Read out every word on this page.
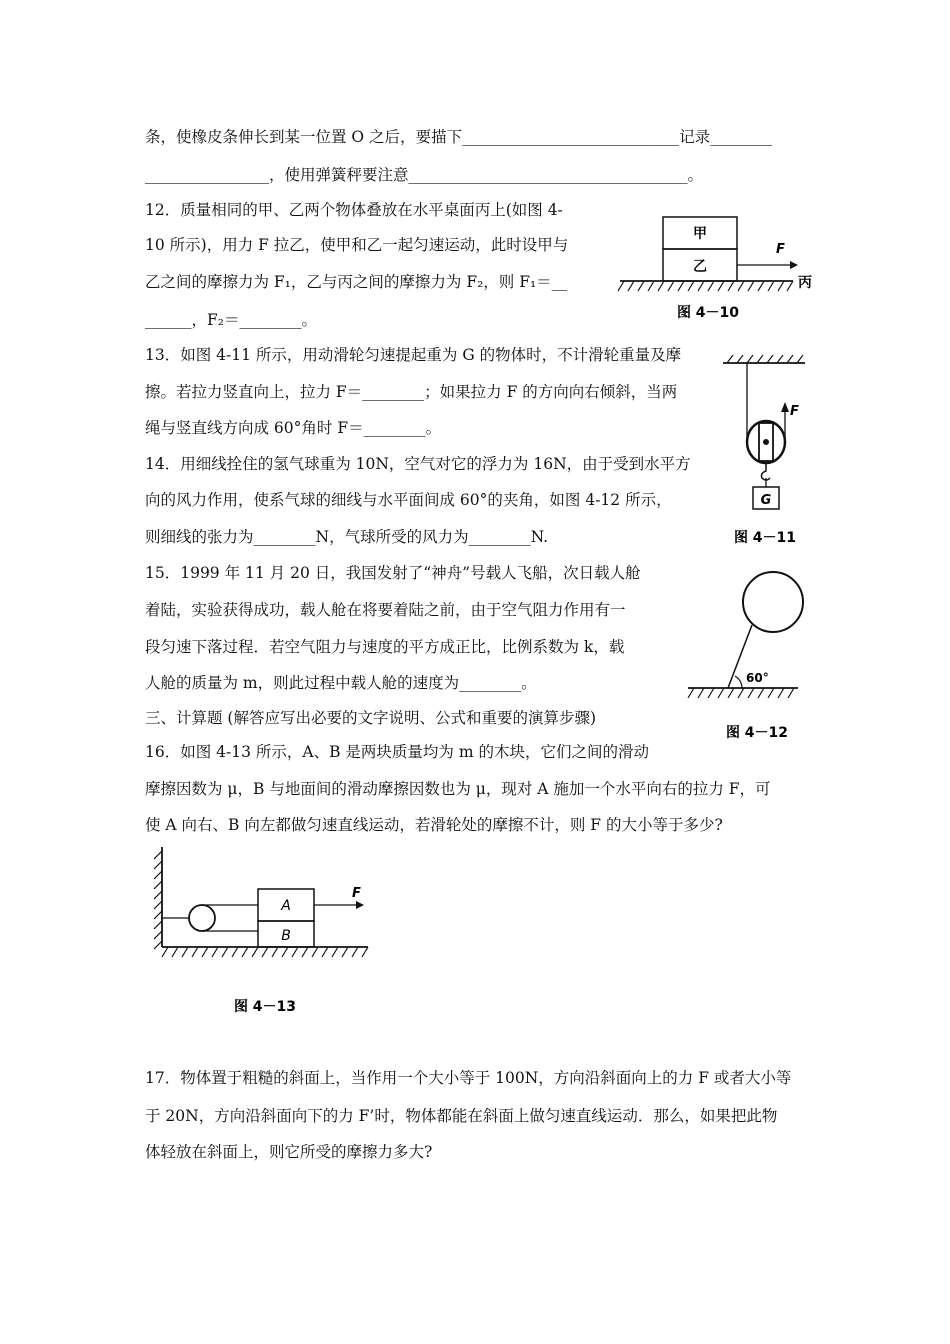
条，使橡皮条伸长到某一位置 O 之后，要描下____________________________记录________
________________，使用弹簧秤要注意____________________________________。
12．质量相同的甲、乙两个物体叠放在水平桌面丙上(如图 4-
10 所示)，用力 F 拉乙，使甲和乙一起匀速运动，此时设甲与
乙之间的摩擦力为 F₁，乙与丙之间的摩擦力为 F₂，则 F₁＝__
______，F₂＝________。
13．如图 4-11 所示，用动滑轮匀速提起重为 G 的物体时，不计滑轮重量及摩
擦。若拉力竖直向上，拉力 F＝________；如果拉力 F 的方向向右倾斜，当两
绳与竖直线方向成 60°角时 F＝________。
14．用细线拴住的氢气球重为 10N，空气对它的浮力为 16N，由于受到水平方
向的风力作用，使系气球的细线与水平面间成 60°的夹角，如图 4-12 所示，
则细线的张力为________N，气球所受的风力为________N.
15．1999 年 11 月 20 日，我国发射了“神舟”号载人飞船，次日载人舱
着陆，实验获得成功，载人舱在将要着陆之前，由于空气阻力作用有一
段匀速下落过程．若空气阻力与速度的平方成正比，比例系数为 k，载
人舱的质量为 m，则此过程中载人舱的速度为________。
三、计算题 (解答应写出必要的文字说明、公式和重要的演算步骤)
16．如图 4-13 所示，A、B 是两块质量均为 m 的木块，它们之间的滑动
摩擦因数为 μ，B 与地面间的滑动摩擦因数也为 μ，现对 A 施加一个水平向右的拉力 F，可
使 A 向右、B 向左都做匀速直线运动，若滑轮处的摩擦不计，则 F 的大小等于多少?
17．物体置于粗糙的斜面上，当作用一个大小等于 100N，方向沿斜面向上的力 F 或者大小等
于 20N，方向沿斜面向下的力 F’时，物体都能在斜面上做匀速直线运动．那么，如果把此物
体轻放在斜面上，则它所受的摩擦力多大?
甲
乙
F
丙
图 4－10
F
G
图 4－11
60°
图 4－12
A
B
F
图 4－13
